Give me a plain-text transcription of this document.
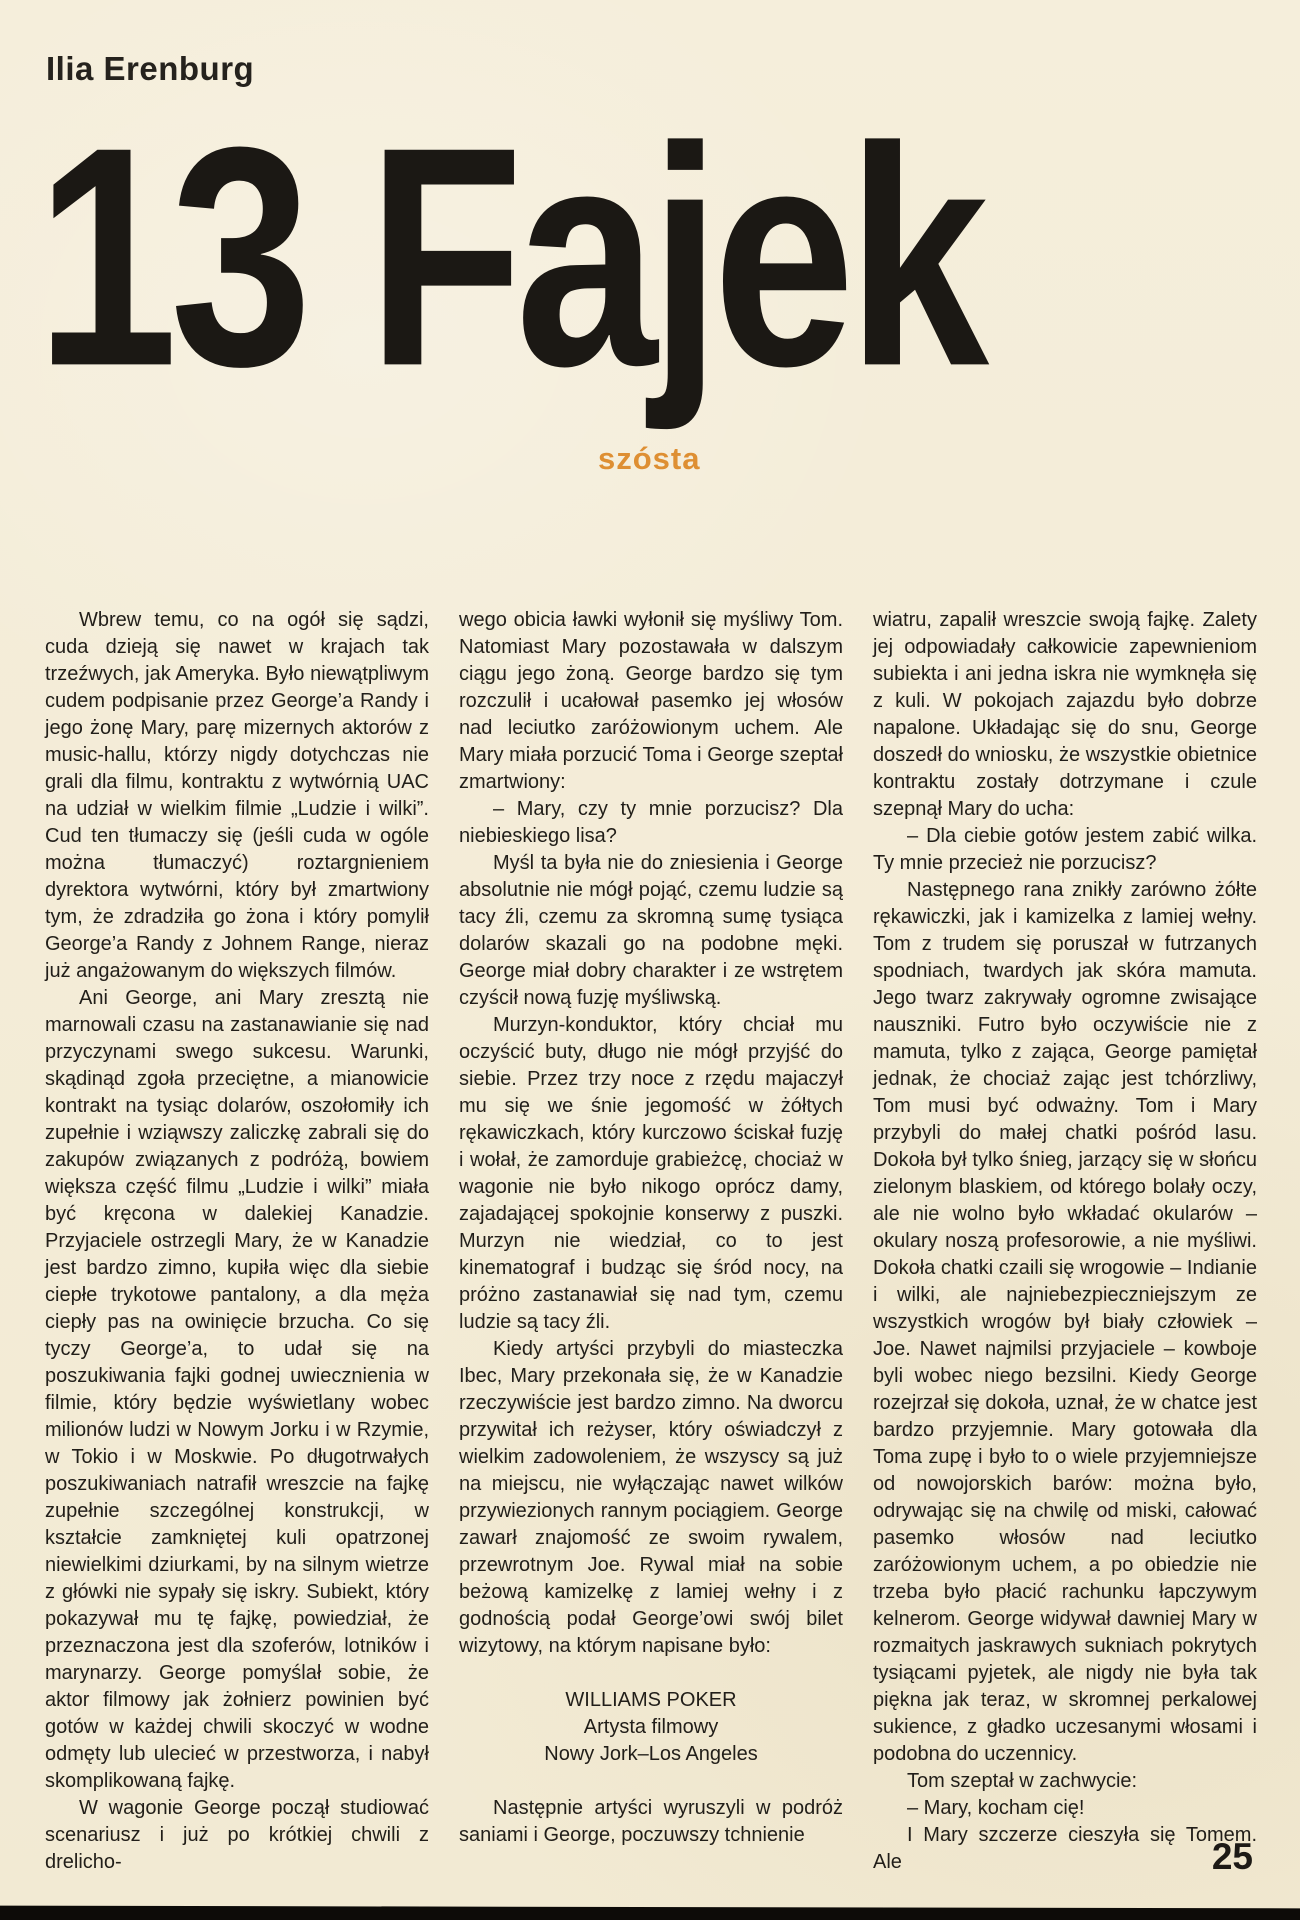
Ilia Erenburg
13 Fajek
szósta

Wbrew temu, co na ogół się sądzi, cuda dzieją się nawet w krajach tak trzeźwych, jak Ameryka. Było niewątpliwym cudem podpisanie przez George’a Randy i jego żonę Mary, parę mizernych aktorów z music-hallu, którzy nigdy dotychczas nie grali dla filmu, kontraktu z wytwórnią UAC na udział w wielkim filmie „Ludzie i wilki”. Cud ten tłumaczy się (jeśli cuda w ogóle można tłumaczyć) roztargnieniem dyrektora wytwórni, który był zmartwiony tym, że zdradziła go żona i który pomylił George’a Randy z Johnem Range, nieraz już angażowanym do większych filmów.

Ani George, ani Mary zresztą nie marnowali czasu na zastanawianie się nad przyczynami swego sukcesu. Warunki, skądinąd zgoła przeciętne, a mianowicie kontrakt na tysiąc dolarów, oszołomiły ich zupełnie i wziąwszy zaliczkę zabrali się do zakupów związanych z podróżą, bowiem większa część filmu „Ludzie i wilki” miała być kręcona w dalekiej Kanadzie. Przyjaciele ostrzegli Mary, że w Kanadzie jest bardzo zimno, kupiła więc dla siebie ciepłe trykotowe pantalony, a dla męża ciepły pas na owinięcie brzucha. Co się tyczy George’a, to udał się na poszukiwania fajki godnej uwiecznienia w filmie, który będzie wyświetlany wobec milionów ludzi w Nowym Jorku i w Rzymie, w Tokio i w Moskwie. Po długotrwałych poszukiwaniach natrafił wreszcie na fajkę zupełnie szczególnej konstrukcji, w kształcie zamkniętej kuli opatrzonej niewielkimi dziurkami, by na silnym wietrze z główki nie sypały się iskry. Subiekt, który pokazywał mu tę fajkę, powiedział, że przeznaczona jest dla szoferów, lotników i marynarzy. George pomyślał sobie, że aktor filmowy jak żołnierz powinien być gotów w każdej chwili skoczyć w wodne odmęty lub ulecieć w przestworza, i nabył skomplikowaną fajkę.

W wagonie George począł studiować scenariusz i już po krótkiej chwili z drelicho-

wego obicia ławki wyłonił się myśliwy Tom. Natomiast Mary pozostawała w dalszym ciągu jego żoną. George bardzo się tym rozczulił i ucałował pasemko jej włosów nad leciutko zaróżowionym uchem. Ale Mary miała porzucić Toma i George szeptał zmartwiony:

– Mary, czy ty mnie porzucisz? Dla niebieskiego lisa?

Myśl ta była nie do zniesienia i George absolutnie nie mógł pojąć, czemu ludzie są tacy źli, czemu za skromną sumę tysiąca dolarów skazali go na podobne męki. George miał dobry charakter i ze wstrętem czyścił nową fuzję myśliwską.

Murzyn-konduktor, który chciał mu oczyścić buty, długo nie mógł przyjść do siebie. Przez trzy noce z rzędu majaczył mu się we śnie jegomość w żółtych rękawiczkach, który kurczowo ściskał fuzję i wołał, że zamorduje grabieżcę, chociaż w wagonie nie było nikogo oprócz damy, zajadającej spokojnie konserwy z puszki. Murzyn nie wiedział, co to jest kinematograf i budząc się śród nocy, na próżno zastanawiał się nad tym, czemu ludzie są tacy źli.

Kiedy artyści przybyli do miasteczka Ibec, Mary przekonała się, że w Kanadzie rzeczywiście jest bardzo zimno. Na dworcu przywitał ich reżyser, który oświadczył z wielkim zadowoleniem, że wszyscy są już na miejscu, nie wyłączając nawet wilków przywiezionych rannym pociągiem. George zawarł znajomość ze swoim rywalem, przewrotnym Joe. Rywal miał na sobie beżową kamizelkę z lamiej wełny i z godnością podał George’owi swój bilet wizytowy, na którym napisane było:

WILLIAMS POKER
Artysta filmowy
Nowy Jork–Los Angeles

Następnie artyści wyruszyli w podróż saniami i George, poczuwszy tchnienie

wiatru, zapalił wreszcie swoją fajkę. Zalety jej odpowiadały całkowicie zapewnieniom subiekta i ani jedna iskra nie wymknęła się z kuli. W pokojach zajazdu było dobrze napalone. Układając się do snu, George doszedł do wniosku, że wszystkie obietnice kontraktu zostały dotrzymane i czule szepnął Mary do ucha:

– Dla ciebie gotów jestem zabić wilka. Ty mnie przecież nie porzucisz?

Następnego rana znikły zarówno żółte rękawiczki, jak i kamizelka z lamiej wełny. Tom z trudem się poruszał w futrzanych spodniach, twardych jak skóra mamuta. Jego twarz zakrywały ogromne zwisające nauszniki. Futro było oczywiście nie z mamuta, tylko z zająca, George pamiętał jednak, że chociaż zając jest tchórzliwy, Tom musi być odważny. Tom i Mary przybyli do małej chatki pośród lasu. Dokoła był tylko śnieg, jarzący się w słońcu zielonym blaskiem, od którego bolały oczy, ale nie wolno było wkładać okularów – okulary noszą profesorowie, a nie myśliwi. Dokoła chatki czaili się wrogowie – Indianie i wilki, ale najniebezpieczniejszym ze wszystkich wrogów był biały człowiek – Joe. Nawet najmilsi przyjaciele – kowboje byli wobec niego bezsilni. Kiedy George rozejrzał się dokoła, uznał, że w chatce jest bardzo przyjemnie. Mary gotowała dla Toma zupę i było to o wiele przyjemniejsze od nowojorskich barów: można było, odrywając się na chwilę od miski, całować pasemko włosów nad leciutko zaróżowionym uchem, a po obiedzie nie trzeba było płacić rachunku łapczywym kelnerom. George widywał dawniej Mary w rozmaitych jaskrawych sukniach pokrytych tysiącami pyjetek, ale nigdy nie była tak piękna jak teraz, w skromnej perkalowej sukience, z gładko uczesanymi włosami i podobna do uczennicy.

Tom szeptał w zachwycie:

– Mary, kocham cię!

I Mary szczerze cieszyła się Tomem. Ale	25
